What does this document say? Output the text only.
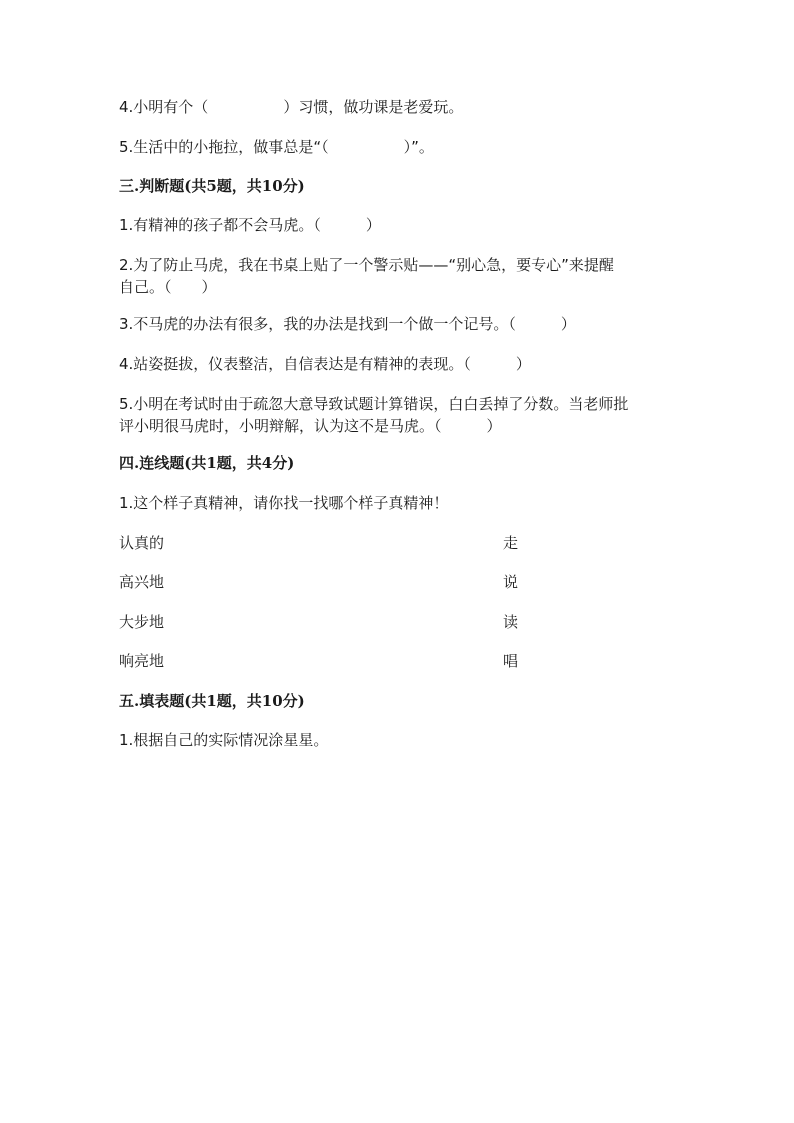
4.小明有个（　　　　　）习惯，做功课是老爱玩。
5.生活中的小拖拉，做事总是“（　　　　　）”。
三.判断题(共5题，共10分)
1.有精神的孩子都不会马虎。（　　　）
2.为了防止马虎，我在书桌上贴了一个警示贴——“别心急，要专心”来提醒
自己。（　　）
3.不马虎的办法有很多，我的办法是找到一个做一个记号。（　　　）
4.站姿挺拔，仪表整洁，自信表达是有精神的表现。（　　　）
5.小明在考试时由于疏忽大意导致试题计算错误，白白丢掉了分数。当老师批
评小明很马虎时，小明辩解，认为这不是马虎。（　　　）
四.连线题(共1题，共4分)
1.这个样子真精神，请你找一找哪个样子真精神！
认真的	走
高兴地	说
大步地	读
响亮地	唱
五.填表题(共1题，共10分)
1.根据自己的实际情况涂星星。
